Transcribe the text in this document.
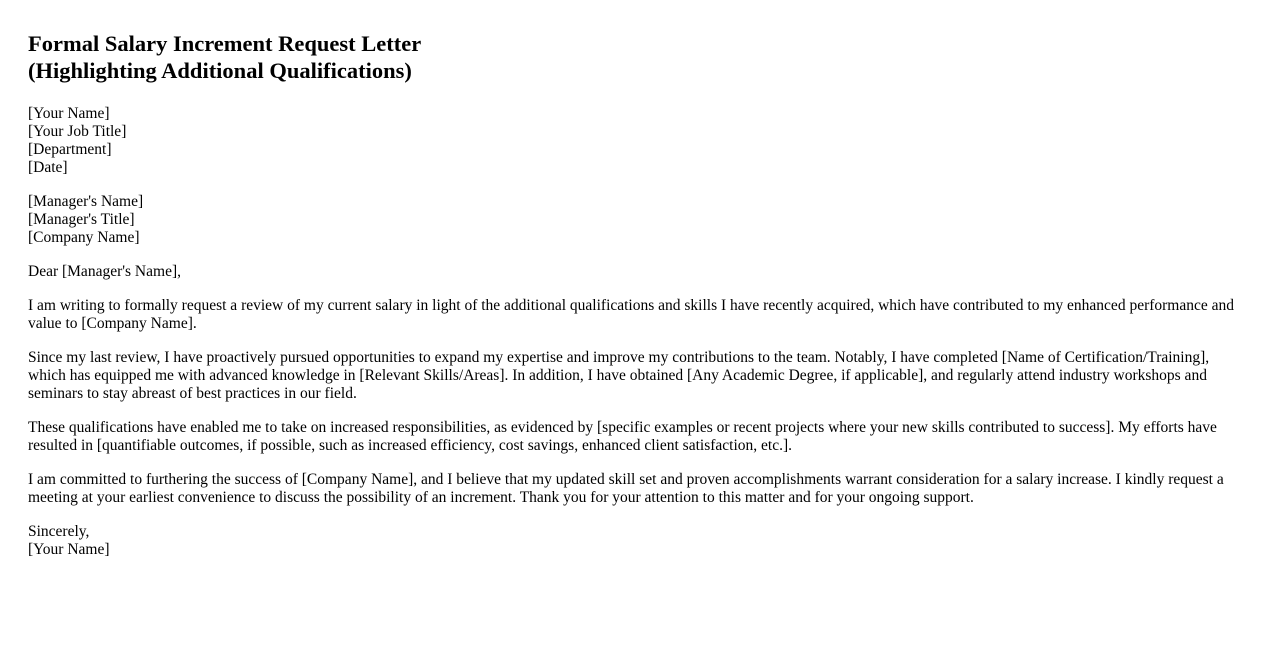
Formal Salary Increment Request Letter
(Highlighting Additional Qualifications)
[Your Name]
[Your Job Title]
[Department]
[Date]
[Manager's Name]
[Manager's Title]
[Company Name]

Dear [Manager's Name],

I am writing to formally request a review of my current salary in light of the additional qualifications and skills I have recently acquired, which have contributed to my enhanced performance and value to [Company Name].

Since my last review, I have proactively pursued opportunities to expand my expertise and improve my contributions to the team. Notably, I have completed [Name of Certification/Training], which has equipped me with advanced knowledge in [Relevant Skills/Areas]. In addition, I have obtained [Any Academic Degree, if applicable], and regularly attend industry workshops and seminars to stay abreast of best practices in our field.

These qualifications have enabled me to take on increased responsibilities, as evidenced by [specific examples or recent projects where your new skills contributed to success]. My efforts have resulted in [quantifiable outcomes, if possible, such as increased efficiency, cost savings, enhanced client satisfaction, etc.].

I am committed to furthering the success of [Company Name], and I believe that my updated skill set and proven accomplishments warrant consideration for a salary increase. I kindly request a meeting at your earliest convenience to discuss the possibility of an increment. Thank you for your attention to this matter and for your ongoing support.

Sincerely,
[Your Name]
